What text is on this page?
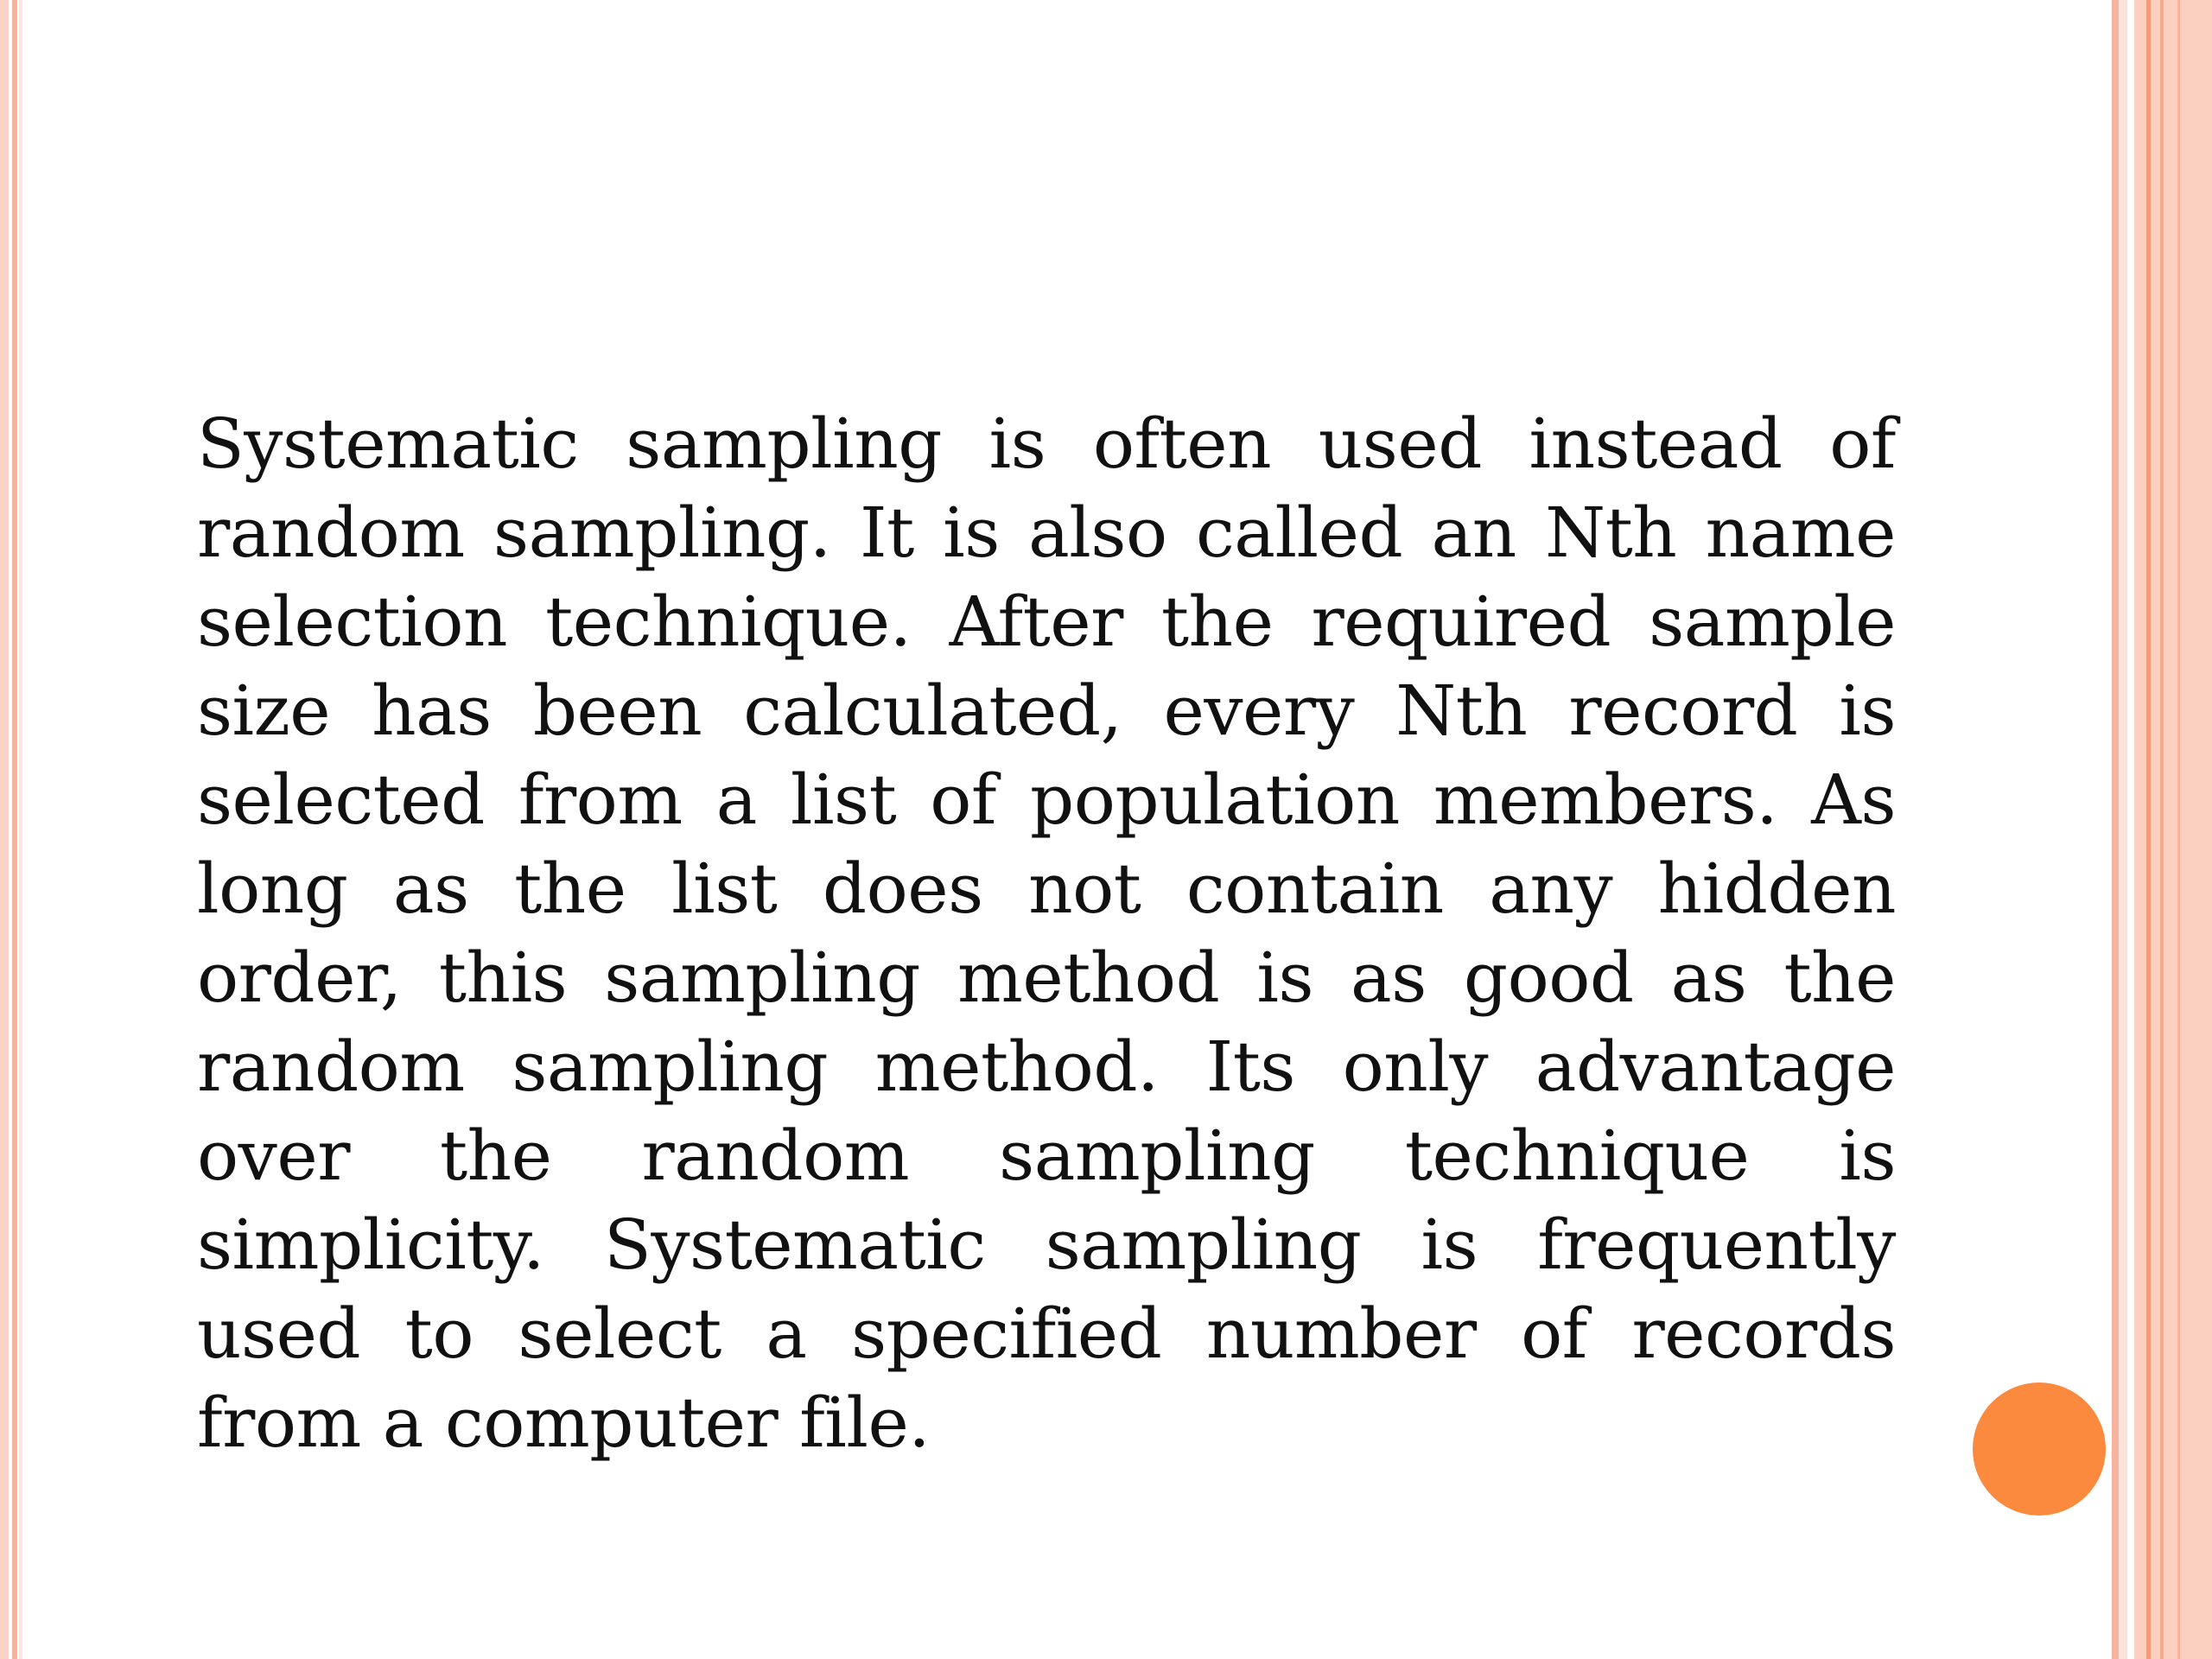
Systematic sampling is often used instead of random sampling. It is also called an Nth name selection technique. After the required sample size has been calculated, every Nth record is selected from a list of population members. As long as the list does not contain any hidden order, this sampling method is as good as the random sampling method. Its only advantage over the random sampling technique is simplicity. Systematic sampling is frequently used to select a specified number of records from a computer file.
